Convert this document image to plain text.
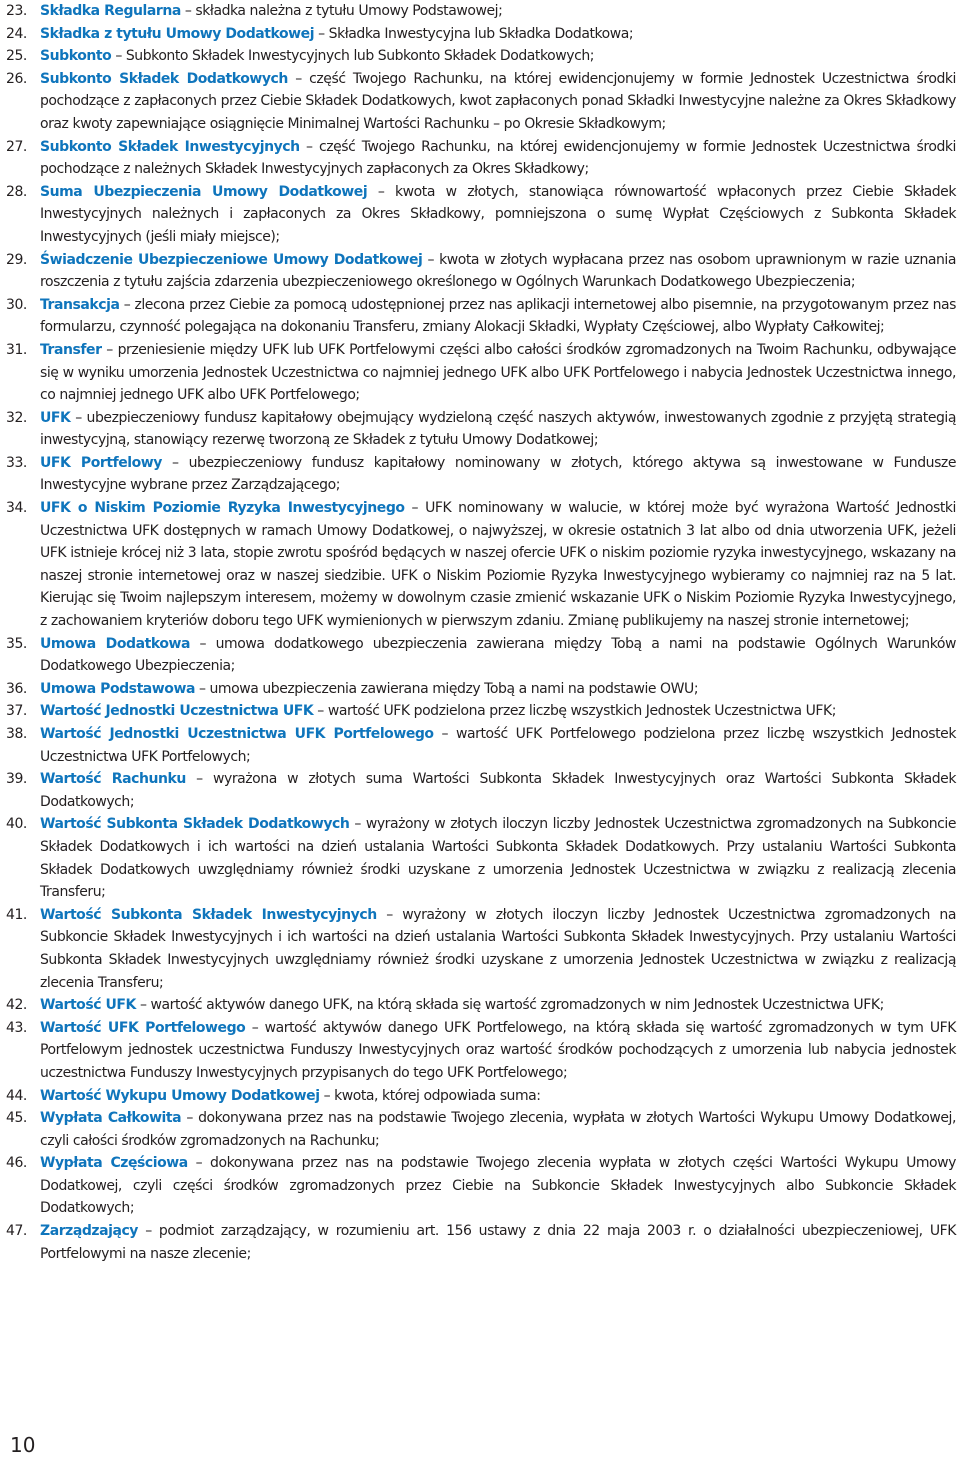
23. Składka Regularna – składka należna z tytułu Umowy Podstawowej;
24. Składka z tytułu Umowy Dodatkowej – Składka Inwestycyjna lub Składka Dodatkowa;
25. Subkonto – Subkonto Składek Inwestycyjnych lub Subkonto Składek Dodatkowych;
26. Subkonto Składek Dodatkowych – część Twojego Rachunku, na której ewidencjonujemy w formie Jednostek Uczestnictwa środki pochodzące z zapłaconych przez Ciebie Składek Dodatkowych, kwot zapłaconych ponad Składki Inwestycyjne należne za Okres Składkowy oraz kwoty zapewniające osiągnięcie Minimalnej Wartości Rachunku – po Okresie Składkowym;
27. Subkonto Składek Inwestycyjnych – część Twojego Rachunku, na której ewidencjonujemy w formie Jednostek Uczestnictwa środki pochodzące z należnych Składek Inwestycyjnych zapłaconych za Okres Składkowy;
28. Suma Ubezpieczenia Umowy Dodatkowej – kwota w złotych, stanowiąca równowartość wpłaconych przez Ciebie Składek Inwestycyjnych należnych i zapłaconych za Okres Składkowy, pomniejszona o sumę Wypłat Częściowych z Subkonta Składek Inwestycyjnych (jeśli miały miejsce);
29. Świadczenie Ubezpieczeniowe Umowy Dodatkowej – kwota w złotych wypłacana przez nas osobom uprawnionym w razie uznania roszczenia z tytułu zajścia zdarzenia ubezpieczeniowego określonego w Ogólnych Warunkach Dodatkowego Ubezpieczenia;
30. Transakcja – zlecona przez Ciebie za pomocą udostępnionej przez nas aplikacji internetowej albo pisemnie, na przygotowanym przez nas formularzu, czynność polegająca na dokonaniu Transferu, zmiany Alokacji Składki, Wypłaty Częściowej, albo Wypłaty Całkowitej;
31. Transfer – przeniesienie między UFK lub UFK Portfelowymi części albo całości środków zgromadzonych na Twoim Rachunku, odbywające się w wyniku umorzenia Jednostek Uczestnictwa co najmniej jednego UFK albo UFK Portfelowego i nabycia Jednostek Uczestnictwa innego, co najmniej jednego UFK albo UFK Portfelowego;
32. UFK – ubezpieczeniowy fundusz kapitałowy obejmujący wydzieloną część naszych aktywów, inwestowanych zgodnie z przyjętą strategią inwestycyjną, stanowiący rezerwę tworzoną ze Składek z tytułu Umowy Dodatkowej;
33. UFK Portfelowy – ubezpieczeniowy fundusz kapitałowy nominowany w złotych, którego aktywa są inwestowane w Fundusze Inwestycyjne wybrane przez Zarządzającego;
34. UFK o Niskim Poziomie Ryzyka Inwestycyjnego – UFK nominowany w walucie, w której może być wyrażona Wartość Jednostki Uczestnictwa UFK dostępnych w ramach Umowy Dodatkowej, o najwyższej, w okresie ostatnich 3 lat albo od dnia utworzenia UFK, jeżeli UFK istnieje krócej niż 3 lata, stopie zwrotu spośród będących w naszej ofercie UFK o niskim poziomie ryzyka inwestycyjnego, wskazany na naszej stronie internetowej oraz w naszej siedzibie. UFK o Niskim Poziomie Ryzyka Inwestycyjnego wybieramy co najmniej raz na 5 lat. Kierując się Twoim najlepszym interesem, możemy w dowolnym czasie zmienić wskazanie UFK o Niskim Poziomie Ryzyka Inwestycyjnego, z zachowaniem kryteriów doboru tego UFK wymienionych w pierwszym zdaniu. Zmianę publikujemy na naszej stronie internetowej;
35. Umowa Dodatkowa – umowa dodatkowego ubezpieczenia zawierana między Tobą a nami na podstawie Ogólnych Warunków Dodatkowego Ubezpieczenia;
36. Umowa Podstawowa – umowa ubezpieczenia zawierana między Tobą a nami na podstawie OWU;
37. Wartość Jednostki Uczestnictwa UFK – wartość UFK podzielona przez liczbę wszystkich Jednostek Uczestnictwa UFK;
38. Wartość Jednostki Uczestnictwa UFK Portfelowego – wartość UFK Portfelowego podzielona przez liczbę wszystkich Jednostek Uczestnictwa UFK Portfelowych;
39. Wartość Rachunku – wyrażona w złotych suma Wartości Subkonta Składek Inwestycyjnych oraz Wartości Subkonta Składek Dodatkowych;
40. Wartość Subkonta Składek Dodatkowych – wyrażony w złotych iloczyn liczby Jednostek Uczestnictwa zgromadzonych na Subkoncie Składek Dodatkowych i ich wartości na dzień ustalania Wartości Subkonta Składek Dodatkowych. Przy ustalaniu Wartości Subkonta Składek Dodatkowych uwzględniamy również środki uzyskane z umorzenia Jednostek Uczestnictwa w związku z realizacją zlecenia Transferu;
41. Wartość Subkonta Składek Inwestycyjnych – wyrażony w złotych iloczyn liczby Jednostek Uczestnictwa zgromadzonych na Subkoncie Składek Inwestycyjnych i ich wartości na dzień ustalania Wartości Subkonta Składek Inwestycyjnych. Przy ustalaniu Wartości Subkonta Składek Inwestycyjnych uwzględniamy również środki uzyskane z umorzenia Jednostek Uczestnictwa w związku z realizacją zlecenia Transferu;
42. Wartość UFK – wartość aktywów danego UFK, na którą składa się wartość zgromadzonych w nim Jednostek Uczestnictwa UFK;
43. Wartość UFK Portfelowego – wartość aktywów danego UFK Portfelowego, na którą składa się wartość zgromadzonych w tym UFK Portfelowym jednostek uczestnictwa Funduszy Inwestycyjnych oraz wartość środków pochodzących z umorzenia lub nabycia jednostek uczestnictwa Funduszy Inwestycyjnych przypisanych do tego UFK Portfelowego;
44. Wartość Wykupu Umowy Dodatkowej – kwota, której odpowiada suma:
45. Wypłata Całkowita – dokonywana przez nas na podstawie Twojego zlecenia, wypłata w złotych Wartości Wykupu Umowy Dodatkowej, czyli całości środków zgromadzonych na Rachunku;
46. Wypłata Częściowa – dokonywana przez nas na podstawie Twojego zlecenia wypłata w złotych części Wartości Wykupu Umowy Dodatkowej, czyli części środków zgromadzonych przez Ciebie na Subkoncie Składek Inwestycyjnych albo Subkoncie Składek Dodatkowych;
47. Zarządzający – podmiot zarządzający, w rozumieniu art. 156 ustawy z dnia 22 maja 2003 r. o działalności ubezpieczeniowej, UFK Portfelowymi na nasze zlecenie;
10
